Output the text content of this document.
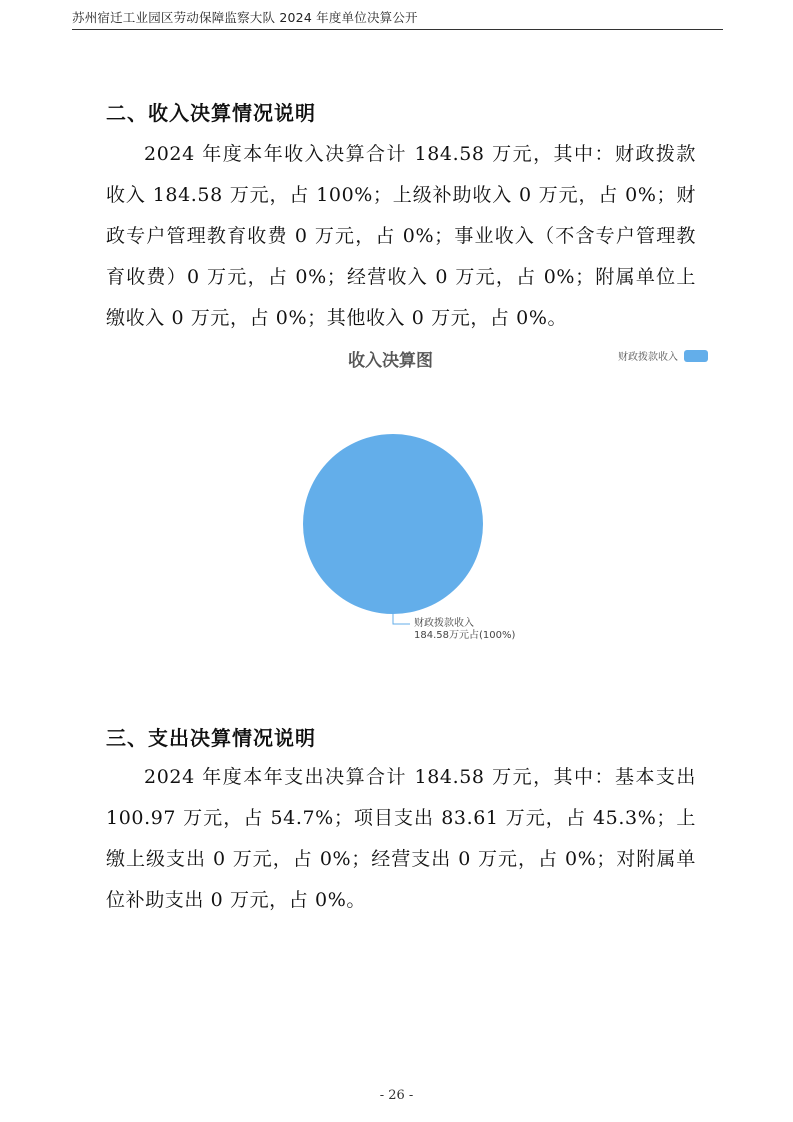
苏州宿迁工业园区劳动保障监察大队 2024 年度单位决算公开
二、收入决算情况说明

2024 年度本年收入决算合计 184.58 万元，其中：财政拨款收入 184.58 万元，占 100%；上级补助收入 0 万元，占 0%；财政专户管理教育收费 0 万元，占 0%；事业收入（不含专户管理教育收费）0 万元，占 0%；经营收入 0 万元，占 0%；附属单位上缴收入 0 万元，占 0%；其他收入 0 万元，占 0%。

收入决算图	财政拨款收入
财政拨款收入
184.58万元占(100%)
三、支出决算情况说明

2024 年度本年支出决算合计 184.58 万元，其中：基本支出 100.97 万元，占 54.7%；项目支出 83.61 万元，占 45.3%；上缴上级支出 0 万元，占 0%；经营支出 0 万元，占 0%；对附属单位补助支出 0 万元，占 0%。

- 26 -
